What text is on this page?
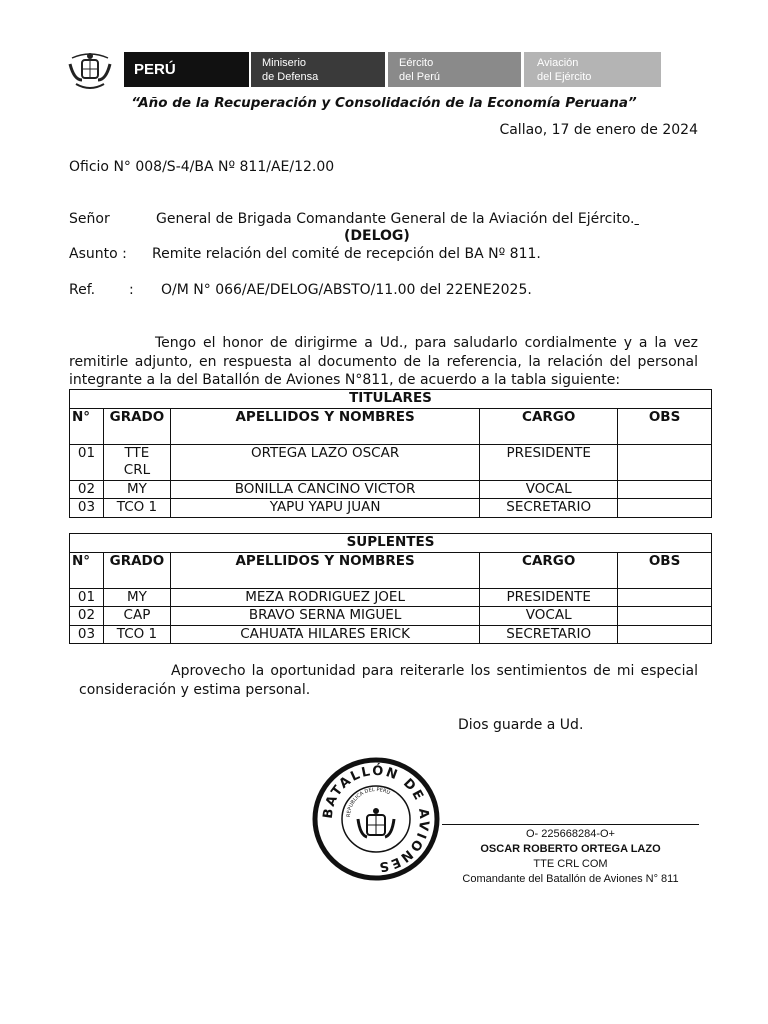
PERÚ	Miniserio
de Defensa
Eército
del Perú
Aviación
del Ejército
“Año de la Recuperación y Consolidación de la Economía Peruana”
Callao, 17 de enero de 2024
Oficio N° 008/S-4/BA Nº 811/AE/12.00
Señor	General de Brigada Comandante General de la Aviación del Ejército.
(DELOG)
Asunto : Remite relación del comité de recepción del BA Nº 811.
Ref. : O/M N° 066/AE/DELOG/ABSTO/11.00 del 22ENE2025.
Tengo el honor de dirigirme a Ud., para saludarlo cordialmente y a la vez remitirle adjunto, en respuesta al documento de la referencia, la relación del personal integrante a la del Batallón de Aviones N°811, de acuerdo a la tabla siguiente:
TITULARES				
N°	GRADO	APELLIDOS Y NOMBRES	CARGO	OBS
01	TTE CRL	ORTEGA LAZO OSCAR	PRESIDENTE	
02	MY	BONILLA CANCINO VICTOR	VOCAL	
03	TCO 1	YAPU YAPU JUAN	SECRETARIO	
SUPLENTES				
N°	GRADO	APELLIDOS Y NOMBRES	CARGO	OBS
01	MY	MEZA RODRIGUEZ JOEL	PRESIDENTE	
02	CAP	BRAVO SERNA MIGUEL	VOCAL	
03	TCO 1	CAHUATA HILARES ERICK	SECRETARIO	
Aprovecho la oportunidad para reiterarle los sentimientos de mi especial consideración y estima personal.
Dios guarde a Ud.
BATALLÓN DE AVIONES
REPUBLICA DEL PERÚ
O- 225668284-O+
OSCAR ROBERTO ORTEGA LAZO
TTE CRL COM
Comandante del Batallón de Aviones N° 811
